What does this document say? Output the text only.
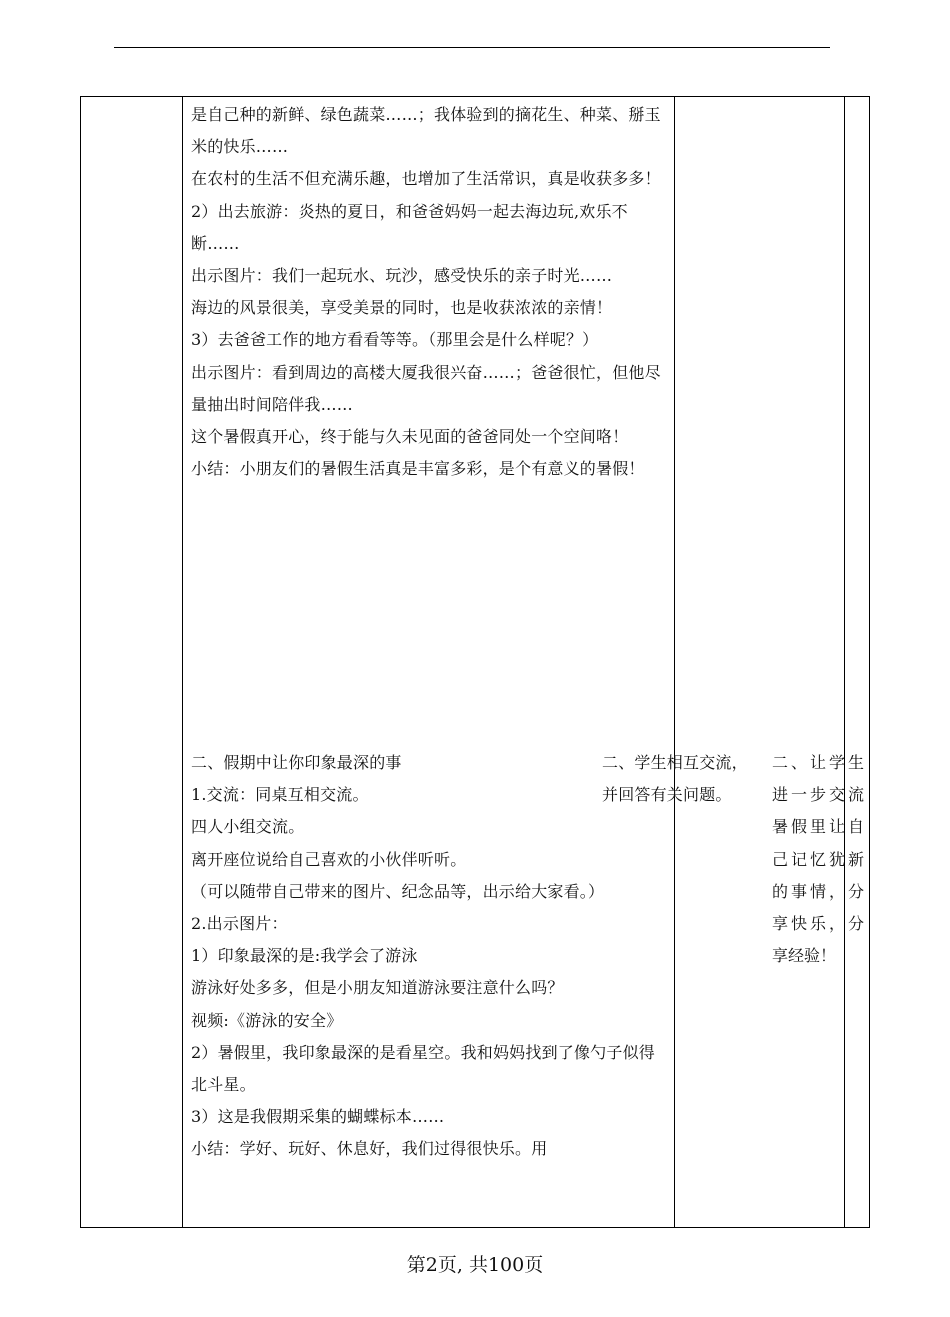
是自己种的新鲜、绿色蔬菜……；我体验到的摘花生、种菜、掰玉米的快乐……

在农村的生活不但充满乐趣，也增加了生活常识，真是收获多多！

2）出去旅游：炎热的夏日，和爸爸妈妈一起去海边玩,欢乐不断……

出示图片：我们一起玩水、玩沙，感受快乐的亲子时光……

海边的风景很美，享受美景的同时，也是收获浓浓的亲情！

3）去爸爸工作的地方看看等等。（那里会是什么样呢？）

出示图片：看到周边的高楼大厦我很兴奋……；爸爸很忙，但他尽量抽出时间陪伴我……

这个暑假真开心，终于能与久未见面的爸爸同处一个空间咯！

小结：小朋友们的暑假生活真是丰富多彩，是个有意义的暑假！

二、假期中让你印象最深的事

1.交流：同桌互相交流。

四人小组交流。

离开座位说给自己喜欢的小伙伴听听。

（可以随带自己带来的图片、纪念品等，出示给大家看。）

2.出示图片：

1）印象最深的是:我学会了游泳

游泳好处多多，但是小朋友知道游泳要注意什么吗？

视频:《游泳的安全》

2）暑假里，我印象最深的是看星空。我和妈妈找到了像勺子似得北斗星。

3）这是我假期采集的蝴蝶标本……

小结：学好、玩好、休息好，我们过得很快乐。用

二、学生相互交流，并回答有关问题。

二、让学生进一步交流暑假里让自己记忆犹新的事情，分享快乐，分享经验！

第2页, 共100页
